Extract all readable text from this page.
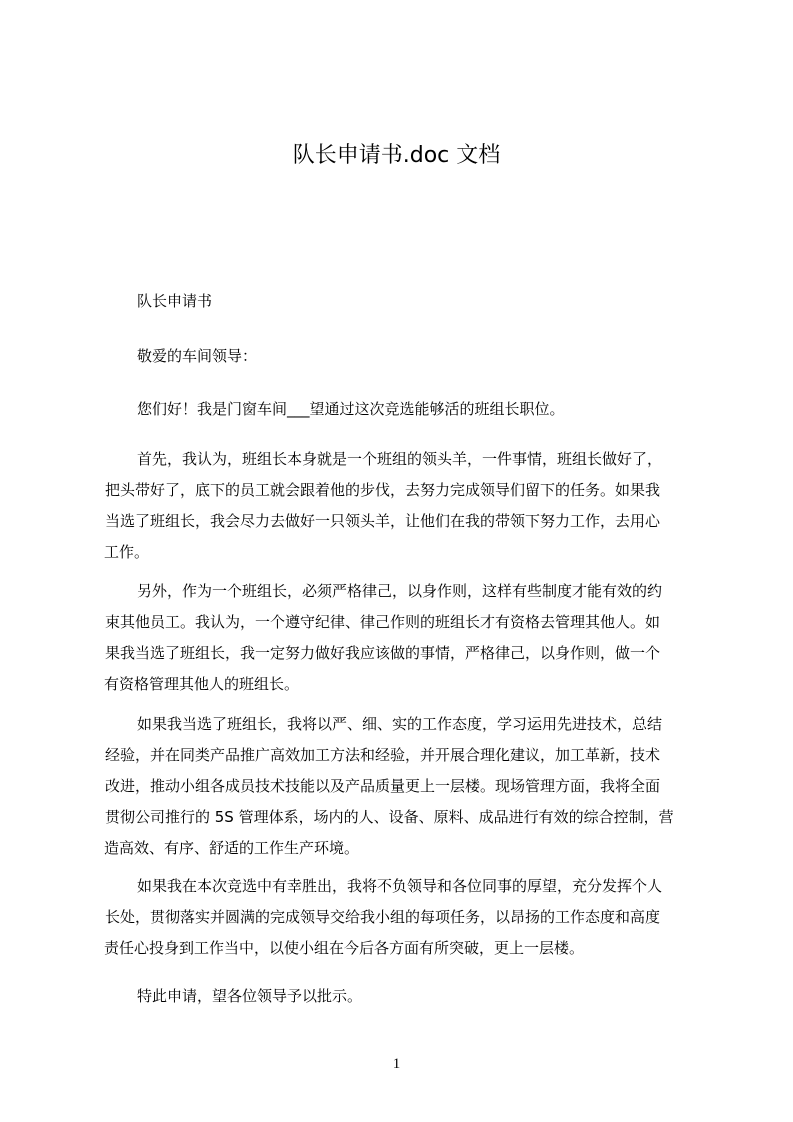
队长申请书.doc 文档
队长申请书
敬爱的车间领导：
您们好！我是门窗车间___望通过这次竞选能够活的班组长职位。
首先，我认为，班组长本身就是一个班组的领头羊，一件事情，班组长做好了，
把头带好了，底下的员工就会跟着他的步伐，去努力完成领导们留下的任务。如果我
当选了班组长，我会尽力去做好一只领头羊，让他们在我的带领下努力工作，去用心
工作。
另外，作为一个班组长，必须严格律己，以身作则，这样有些制度才能有效的约
束其他员工。我认为，一个遵守纪律、律己作则的班组长才有资格去管理其他人。如
果我当选了班组长，我一定努力做好我应该做的事情，严格律己，以身作则，做一个
有资格管理其他人的班组长。
如果我当选了班组长，我将以严、细、实的工作态度，学习运用先进技术，总结
经验，并在同类产品推广高效加工方法和经验，并开展合理化建议，加工革新，技术
改进，推动小组各成员技术技能以及产品质量更上一层楼。现场管理方面，我将全面
贯彻公司推行的 5S 管理体系，场内的人、设备、原料、成品进行有效的综合控制，营
造高效、有序、舒适的工作生产环境。
如果我在本次竞选中有幸胜出，我将不负领导和各位同事的厚望，充分发挥个人
长处，贯彻落实并圆满的完成领导交给我小组的每项任务，以昂扬的工作态度和高度
责任心投身到工作当中，以使小组在今后各方面有所突破，更上一层楼。
特此申请，望各位领导予以批示。
1
